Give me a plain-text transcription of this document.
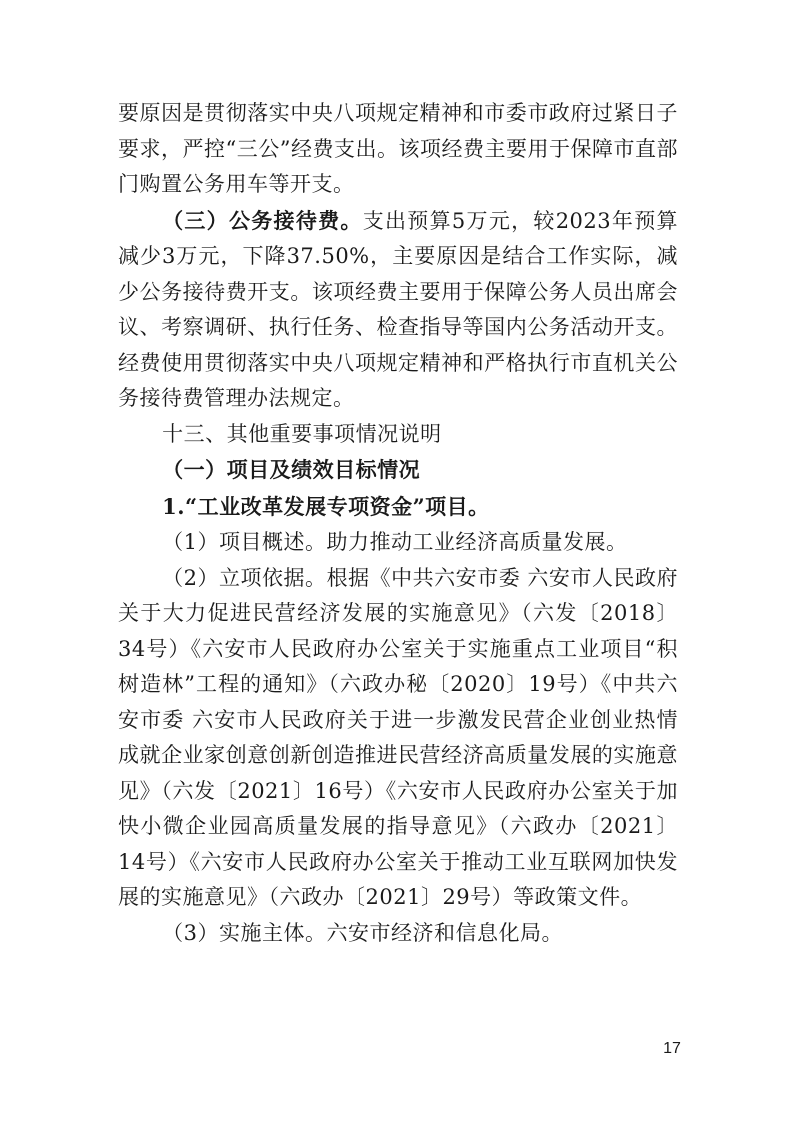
要原因是贯彻落实中央八项规定精神和市委市政府过紧日子要求，严控“三公”经费支出。该项经费主要用于保障市直部门购置公务用车等开支。

（三）公务接待费。支出预算5万元，较2023年预算减少3万元，下降37.50%，主要原因是结合工作实际，减少公务接待费开支。该项经费主要用于保障公务人员出席会议、考察调研、执行任务、检查指导等国内公务活动开支。经费使用贯彻落实中央八项规定精神和严格执行市直机关公务接待费管理办法规定。

十三、其他重要事项情况说明

（一）项目及绩效目标情况

1.“工业改革发展专项资金”项目。

（1）项目概述。助力推动工业经济高质量发展。

（2）立项依据。根据《中共六安市委 六安市人民政府关于大力促进民营经济发展的实施意见》（六发〔2018〕34号）《六安市人民政府办公室关于实施重点工业项目“积树造林”工程的通知》（六政办秘〔2020〕19号）《中共六安市委 六安市人民政府关于进一步激发民营企业创业热情成就企业家创意创新创造推进民营经济高质量发展的实施意见》（六发〔2021〕16号）《六安市人民政府办公室关于加快小微企业园高质量发展的指导意见》（六政办〔2021〕14号）《六安市人民政府办公室关于推动工业互联网加快发展的实施意见》（六政办〔2021〕29号）等政策文件。

（3）实施主体。六安市经济和信息化局。

17
